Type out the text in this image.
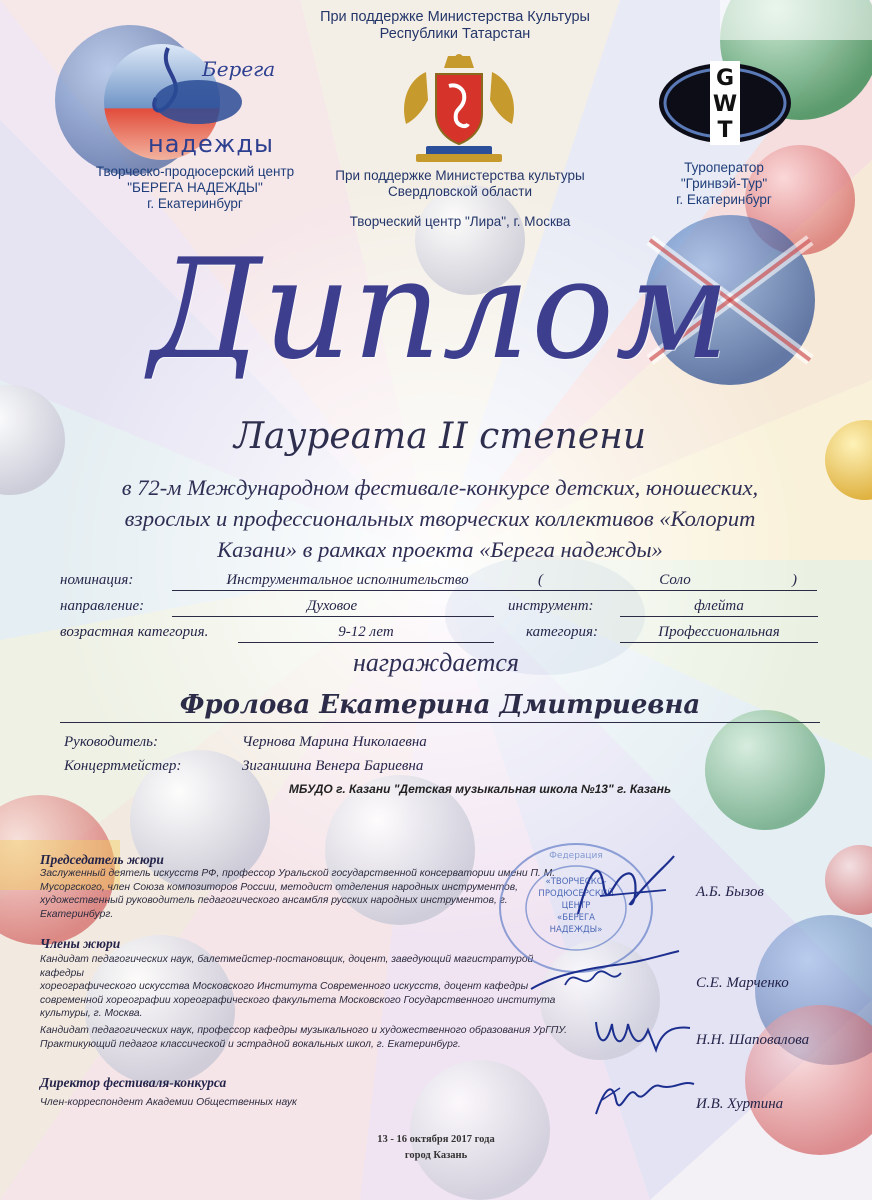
При поддержке Министерства Культуры
Республики Татарстан
Берега
надежды
Творческо-продюсерский центр
"БЕРЕГА НАДЕЖДЫ"
г. Екатеринбург
При поддержке Министерства культуры
Свердловской области
Творческий центр "Лира", г. Москва
G
W
T
Туроператор
"Гринвэй-Тур"
г. Екатеринбург
Диплом
Лауреата II степени
в 72-м Международном фестивале-конкурсе детских, юношеских,
взрослых и профессиональных творческих коллективов «Колорит
Казани» в рамках проекта «Берега надежды»
номинация:	Инструментальное исполнительство	(	Соло	)
направление:	Духовое	инструмент:	флейта
возрастная категория.	9-12 лет	категория:	Профессиональная
награждается
Фролова Екатерина Дмитриевна
Руководитель:	Чернова Марина Николаевна
Концертмейстер:	Зиганшина Венера Бариевна
МБУДО г. Казани "Детская музыкальная школа №13" г. Казань
Председатель жюри
Заслуженный деятель искусств РФ, профессор Уральской государственной консерватории имени П. М.
Мусоргского, член Союза композиторов России, методист отделения народных инструментов,
художественный руководитель педагогического ансамбля русских народных инструментов, г.
Екатеринбург.
А.Б. Бызов
Члены жюри
Кандидат педагогических наук, балетмейстер-постановщик, доцент, заведующий магистратурой кафедры
хореографического искусства Московского Института Современного искусств, доцент кафедры
современной хореографии хореографического факультета Московского Государственного института
культуры, г. Москва.
С.Е. Марченко
Кандидат педагогических наук, профессор кафедры музыкального и художественного образования УрГПУ.
Практикующий педагог классической и эстрадной вокальных школ, г. Екатеринбург.	Н.Н. Шаповалова
Директор фестиваля-конкурса
Член-корреспондент Академии Общественных наук	И.В. Хуртина
Федерация
«ТВОРЧЕСКО-
ПРОДЮСЕРСКИЙ
ЦЕНТР
«БЕРЕГА
НАДЕЖДЫ»
13 - 16 октября 2017 года
город Казань
